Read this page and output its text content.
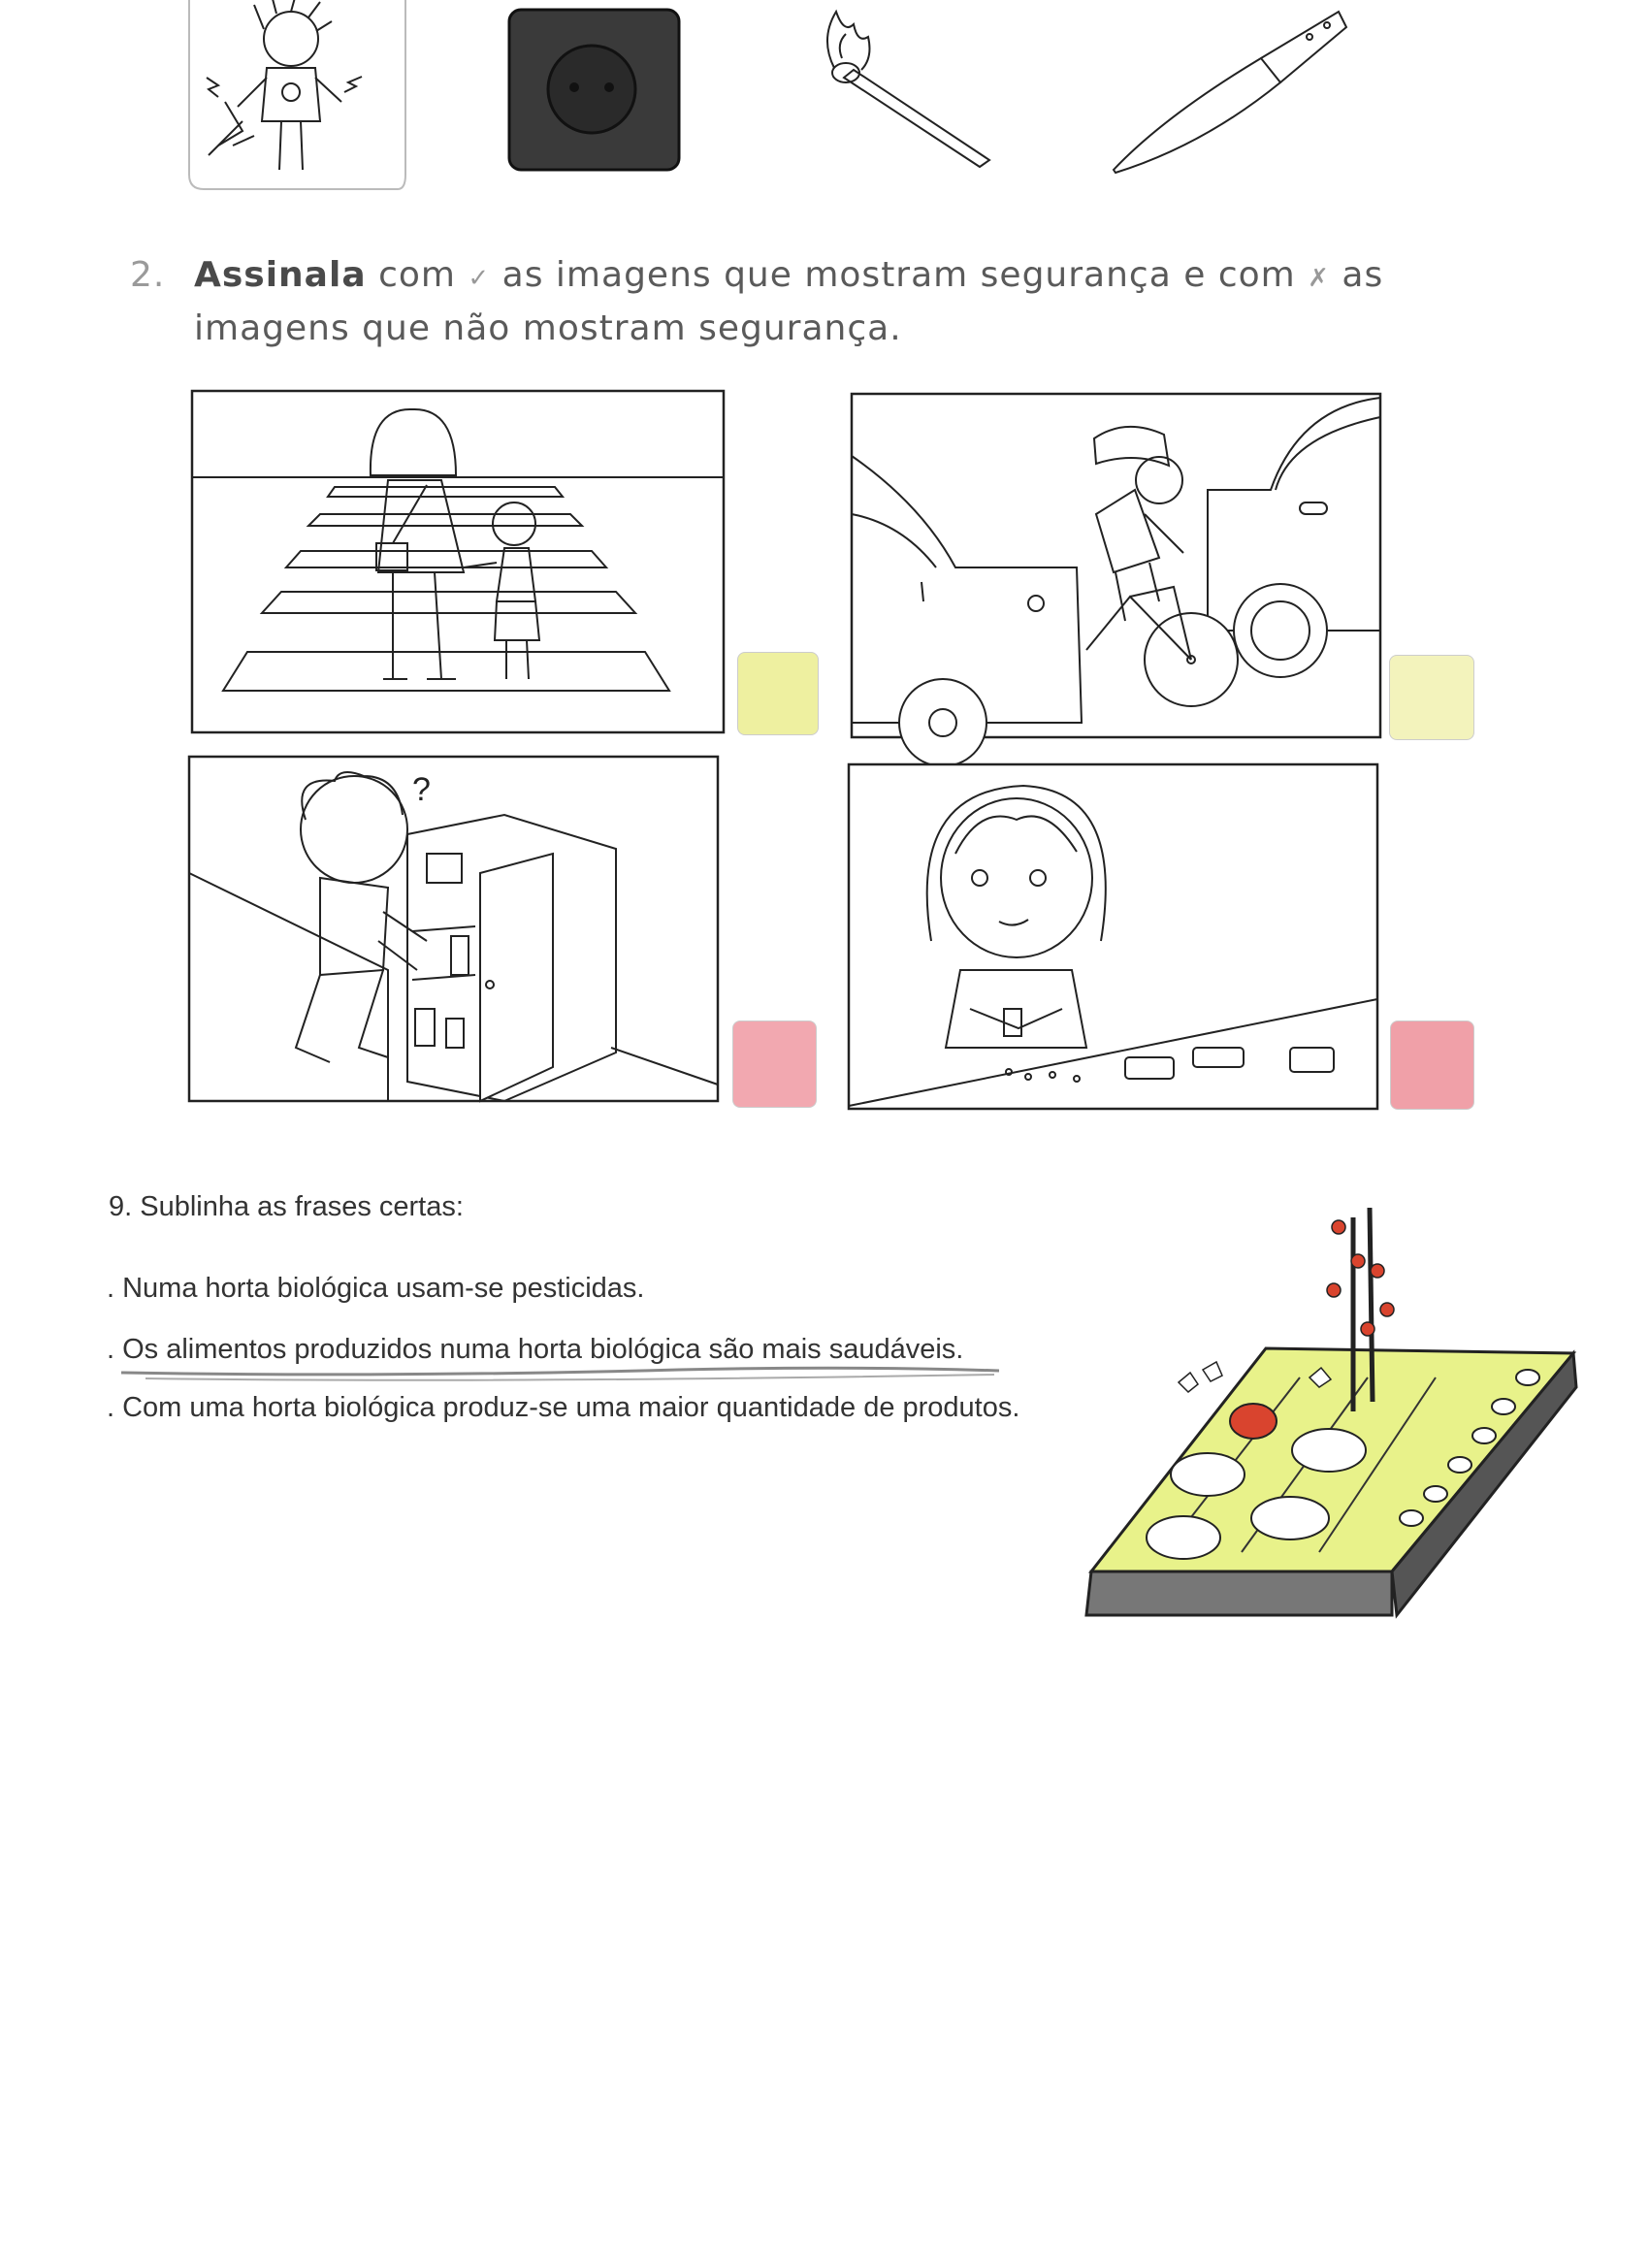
2. Assinala com ✓ as imagens que mostram segurança e com ✗ as imagens que não mostram segurança.
?
9. Sublinha as frases certas:
. Numa horta biológica usam-se pesticidas.
. Os alimentos produzidos numa horta biológica são mais saudáveis.
. Com uma horta biológica produz-se uma maior quantidade de produtos.
